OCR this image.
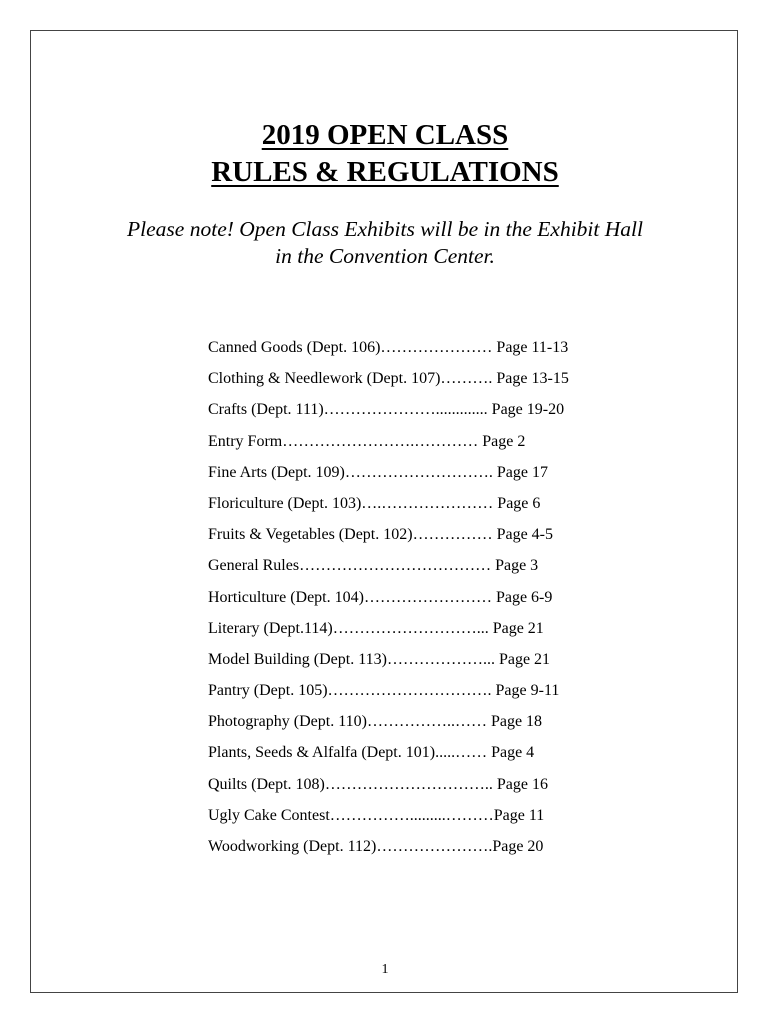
2019 OPEN CLASS
RULES & REGULATIONS

Please note! Open Class Exhibits will be in the Exhibit Hall

in the Convention Center.

Canned Goods (Dept. 106)………………… Page 11-13
Clothing & Needlework (Dept. 107)………. Page 13-15
Crafts (Dept. 111)…………………............. Page 19-20
Entry Form…………………….………… Page 2
Fine Arts (Dept. 109)………………………. Page 17
Floriculture (Dept. 103)….………………… Page 6
Fruits & Vegetables (Dept. 102)…………… Page 4-5
General Rules……………………………… Page 3
Horticulture (Dept. 104)…………………… Page 6-9
Literary (Dept.114)………………………... Page 21
Model Building (Dept. 113)………………... Page 21
Pantry (Dept. 105)…………………………. Page 9-11
Photography (Dept. 110)……………..…… Page 18
Plants, Seeds & Alfalfa (Dept. 101).....…… Page 4
Quilts (Dept. 108)………………………….. Page 16
Ugly Cake Contest…………….........………Page 11
Woodworking (Dept. 112)………………….Page 20
1
